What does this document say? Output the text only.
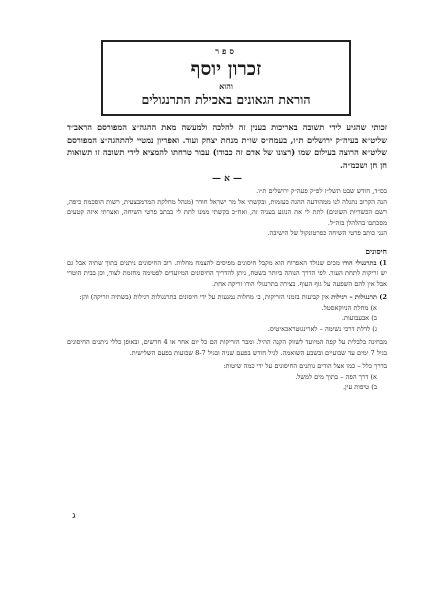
ספר
זכרון יוסף
והוא
הוראת הגאונים באכילת התרנגולים
זכותי שהגיע לידי תשובה באריכות בענין זה להלכה ולמעשה מאת ההגה״צ המפורסם הראב״ד שליט״א בעיה״ק ירושלים ת״ו, בעמח״ס שו״ת מנחת יצחק ועוד. ואפריון נמטיי להתהגה״צ המפורסם שליט״א הרוצה בעילום שמו (רצונו של אדם זה כבודו) עבור טרחתו להמציא לידי תשובה זו תשואות חן חן ושכמ״ה.
— א —
בס״ד, חודש שבט תשל״ז לפ״ק פעה״ק ירושלים ת״ו.
הנה הקרוב נתגלה לנו ממהודעה ההגה בעזמות, ובקשתי אל מר ישראל חודר (מנהל מחלקת המרמבצעית, רשות הוסכמת כיפה, רשם הכשריות השונים) לתת לי את הנוגע בעניה זה, ואח״כ בקשתי ממנו לתת לי כבתב פרטי השיחה, ואצרתי איזה קטעים מסכתבו בהלהלן בזה״ל.
הנני כותב פרטי השיחה כפרטונקול של הישיבה.
חיסונים
1) בתרנגולי הודו מכים שנולד האפרוח הוא מקבל חיסונים מפיסים להצמח מחלות. רוב החיסונים ניתנים בתוך שתיה אבל גם יש זריקות לתחת העור. לפי הדרך הנוהה ביותר בשטח, ניתן להדריך החיסונים המיועדים לפטימה מחזמת לצוד, וכן בבית הוטרי אבל אין להם השפעה על גוף העוף. בצירה בתרנגולי הודו זריקה אחת.
2) תרנגולות – רגילות אין קביעות בזמני הזריקות, ב׳ מחלות נמנעות על ידי חיסונים בתרנגולות רגילות (בשתיה וזריקה) והן:
א) מחלת הניוקאסטל.
ב) אבעבועות.
ג) לדלת דרכי נשימה – לארינגוטראכאיטיס.
מבחינה בלבלית על קפה המיועד לשווק הקנה ההיל. ומבר הזריקות הם כל יום אחר או 4 חדשים, ובאופן כללי ניתנים החיסונים בגיל 7 ימים עד שבועיים ובשבע השואמה. לגיל חודש בפעם שניה ובגיל 8-7 שבועות בפעם השלישית.
בדרך כלל – כמו אצל הודים נותנים החיסונים על ידי כמה שיטות:
א) דרך הפה – בתוך מים למשל.
ב) טיפות עין.
ג
